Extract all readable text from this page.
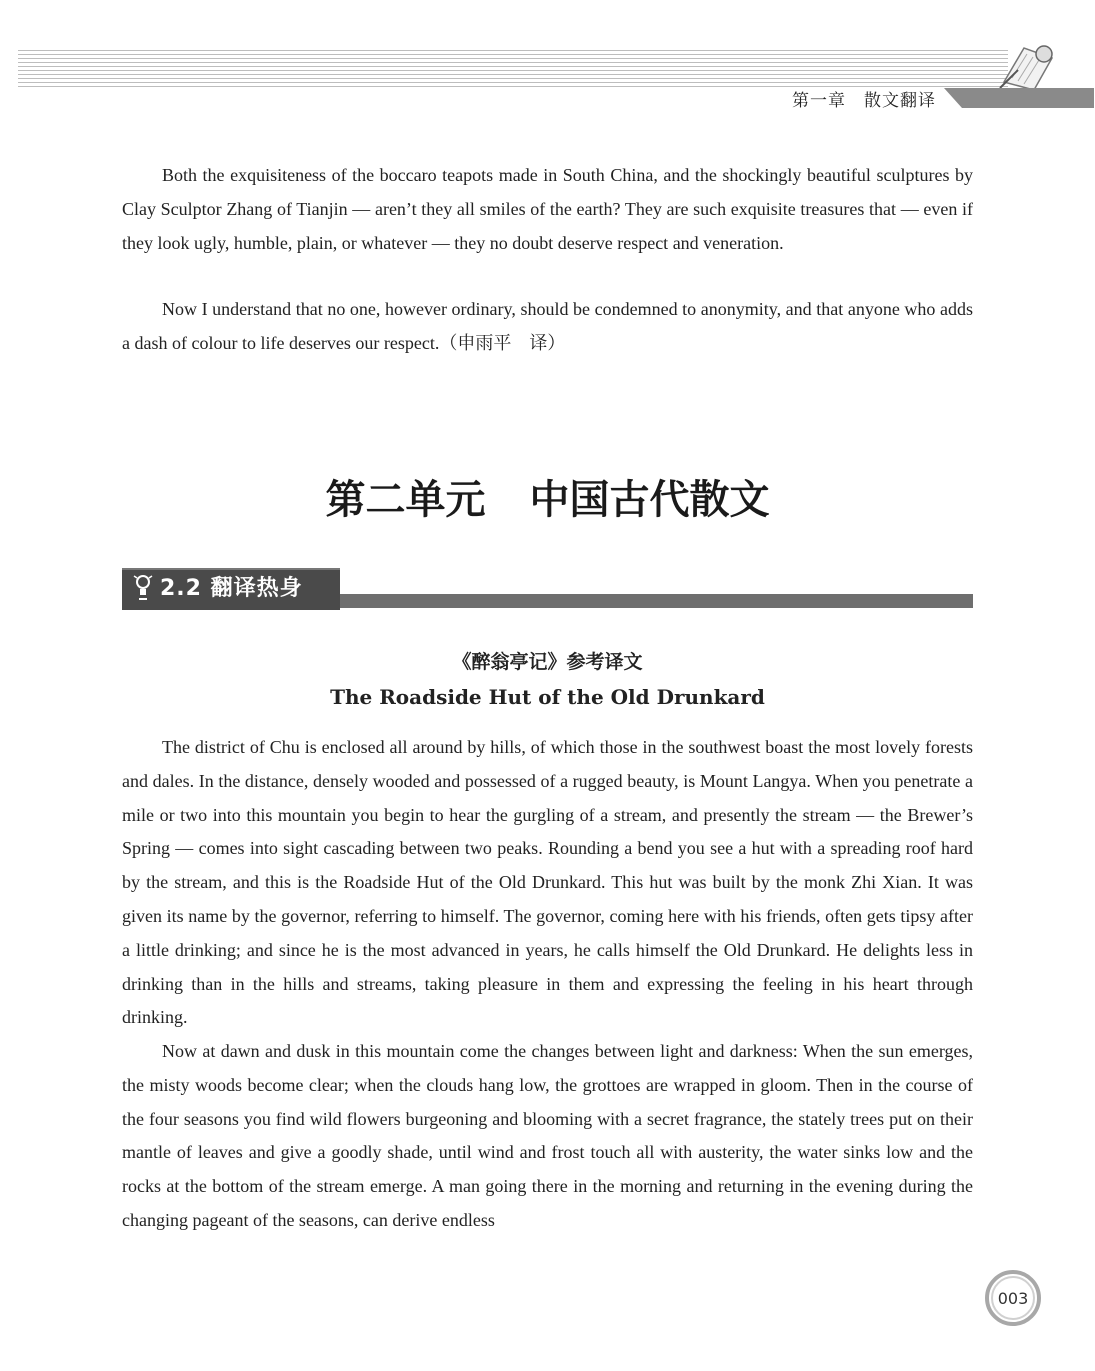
第一章 散文翻译

Both the exquisiteness of the boccaro teapots made in South China, and the shockingly beautiful sculptures by Clay Sculptor Zhang of Tianjin — aren’t they all smiles of the earth? They are such exquisite treasures that — even if they look ugly, humble, plain, or whatever — they no doubt deserve respect and veneration.

Now I understand that no one, however ordinary, should be condemned to anonymity, and that anyone who adds a dash of colour to life deserves our respect.（申雨平　译）

第二单元 中国古代散文
2.2 翻译热身
《醉翁亭记》参考译文
The Roadside Hut of the Old Drunkard

The district of Chu is enclosed all around by hills, of which those in the southwest boast the most lovely forests and dales. In the distance, densely wooded and possessed of a rugged beauty, is Mount Langya. When you penetrate a mile or two into this mountain you begin to hear the gurgling of a stream, and presently the stream — the Brewer’s Spring — comes into sight cascading between two peaks. Rounding a bend you see a hut with a spreading roof hard by the stream, and this is the Roadside Hut of the Old Drunkard. This hut was built by the monk Zhi Xian. It was given its name by the governor, referring to himself. The governor, coming here with his friends, often gets tipsy after a little drinking; and since he is the most advanced in years, he calls himself the Old Drunkard. He delights less in drinking than in the hills and streams, taking pleasure in them and expressing the feeling in his heart through drinking.

Now at dawn and dusk in this mountain come the changes between light and darkness: When the sun emerges, the misty woods become clear; when the clouds hang low, the grottoes are wrapped in gloom. Then in the course of the four seasons you find wild flowers burgeoning and blooming with a secret fragrance, the stately trees put on their mantle of leaves and give a goodly shade, until wind and frost touch all with austerity, the water sinks low and the rocks at the bottom of the stream emerge. A man going there in the morning and returning in the evening during the changing pageant of the seasons, can derive endless

003
